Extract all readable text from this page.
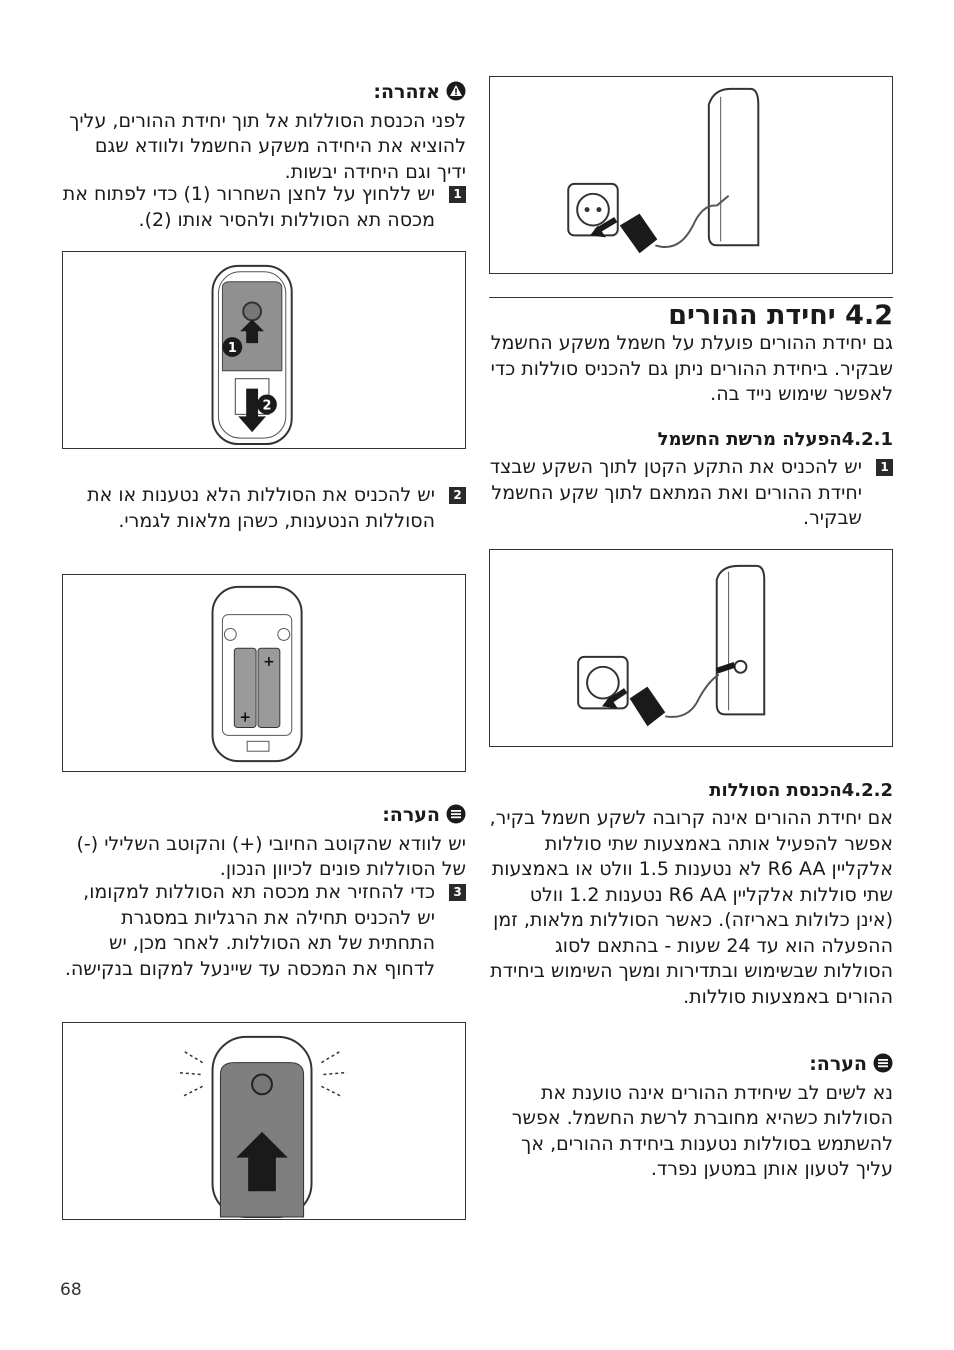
אזהרה:
לפני הכנסת הסוללות אל תוך יחידת ההורים, עליך להוציא את היחידה משקע החשמל ולוודא שגם ידיך וגם היחידה יבשות.
1
יש ללחוץ על לחצן השחרור (1) כדי לפתוח את מכסה תא הסוללות ולהסיר אותו (2).
1
2
2
יש להכניס את הסוללות הלא נטענות או את הסוללות הנטענות, כשהן מלאות לגמרי.
+
+
הערה:
יש לוודא שהקוטב החיובי (+) והקוטב השלילי (-) של הסוללות פונים לכיוון הנכון.
3
כדי להחזיר את מכסה תא הסוללות למקומו, יש להכניס תחילה את הרגליות במסגרת התחתית של תא הסוללות. לאחר מכן, יש לדחוף את המכסה עד שיינעל למקום בנקישה.
4.2 יחידת ההורים
גם יחידת ההורים פועלת על חשמל משקע החשמל שבקיר. ביחידת ההורים ניתן גם להכניס סוללות כדי לאפשר שימוש נייד בה.
4.2.1הפעלה מרשת החשמל
1
יש להכניס את התקע הקטן לתוך השקע שבצד יחידת ההורים ואת המתאם לתוך שקע החשמל שבקיר.
4.2.2הכנסת הסוללות
אם יחידת ההורים אינה קרובה לשקע חשמל בקיר, אפשר להפעיל אותה באמצעות שתי סוללות אלקליין R6 AA לא נטענות 1.5 וולט או באמצעות שתי סוללות אלקליין R6 AA נטענות 1.2 וולט (אינן כלולות באריזה). כאשר הסוללות מלאות, זמן ההפעלה הוא עד 24 שעות - בהתאם לסוג הסוללות שבשימוש ובתדירות ומשך השימוש ביחידת ההורים באמצעות סוללות.
הערה:
נא לשים לב שיחידת ההורים אינה טוענת את הסוללות כשהיא מחוברת לרשת החשמל. אפשר להשתמש בסוללות נטענות ביחידת ההורים, אך עליך לטעון אותן במטען נפרד.
68
